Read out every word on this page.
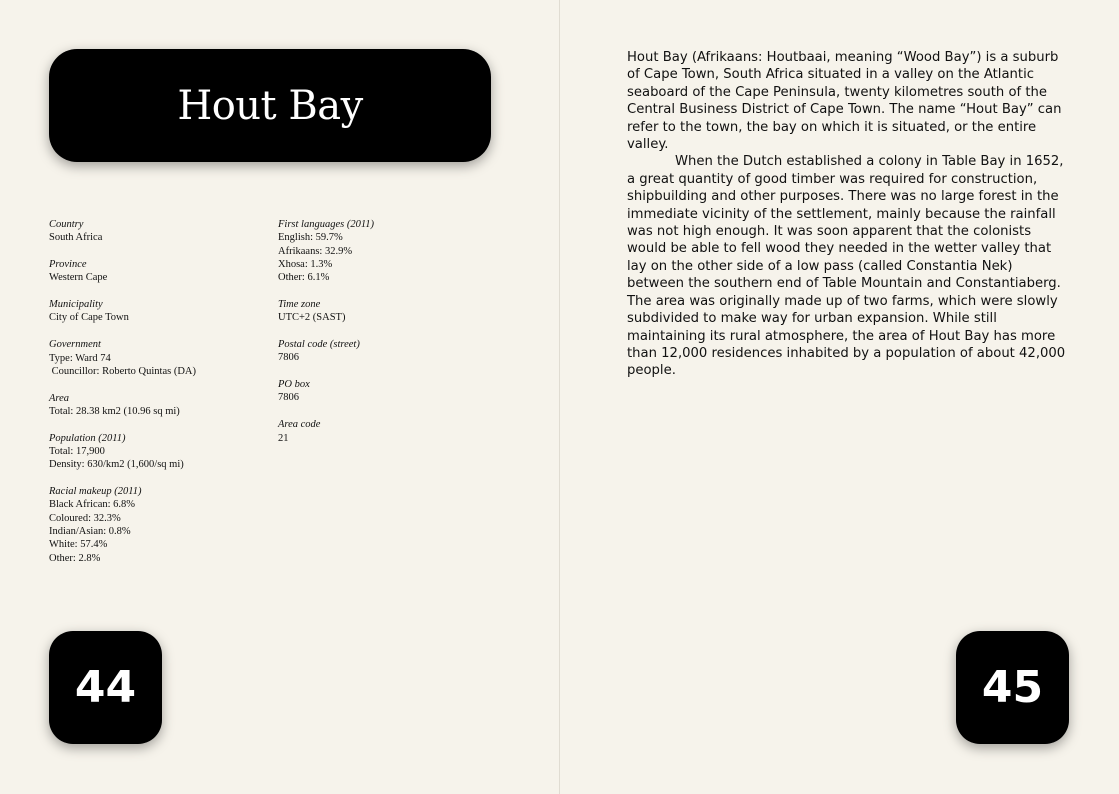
Hout Bay
Country
South Africa
Province
Western Cape
Municipality
City of Cape Town
Government
Type: Ward 74
Councillor: Roberto Quintas (DA)
Area
Total: 28.38 km2 (10.96 sq mi)
Population (2011)
Total: 17,900
Density: 630/km2 (1,600/sq mi)
Racial makeup (2011)
Black African: 6.8%
Coloured: 32.3%
Indian/Asian: 0.8%
White: 57.4%
Other: 2.8%
First languages (2011)
English: 59.7%
Afrikaans: 32.9%
Xhosa: 1.3%
Other: 6.1%
Time zone
UTC+2 (SAST)
Postal code (street)
7806
PO box
7806
Area code
21
44

Hout Bay (Afrikaans: Houtbaai, meaning “Wood Bay”) is a suburb of Cape Town, South Africa situated in a valley on the Atlantic seaboard of the Cape Peninsula, twenty kilometres south of the Central Business District of Cape Town. The name “Hout Bay” can refer to the town, the bay on which it is situated, or the entire valley.

When the Dutch established a colony in Table Bay in 1652, a great quantity of good timber was required for construction, shipbuilding and other purposes. There was no large forest in the immediate vicinity of the settlement, mainly because the rainfall was not high enough. It was soon apparent that the colonists would be able to fell wood they needed in the wetter valley that lay on the other side of a low pass (called Constantia Nek) between the southern end of Table Mountain and Constantiaberg. The area was originally made up of two farms, which were slowly subdivided to make way for urban expansion. While still maintaining its rural atmosphere, the area of Hout Bay has more than 12,000 residences inhabited by a population of about 42,000 people.

45
